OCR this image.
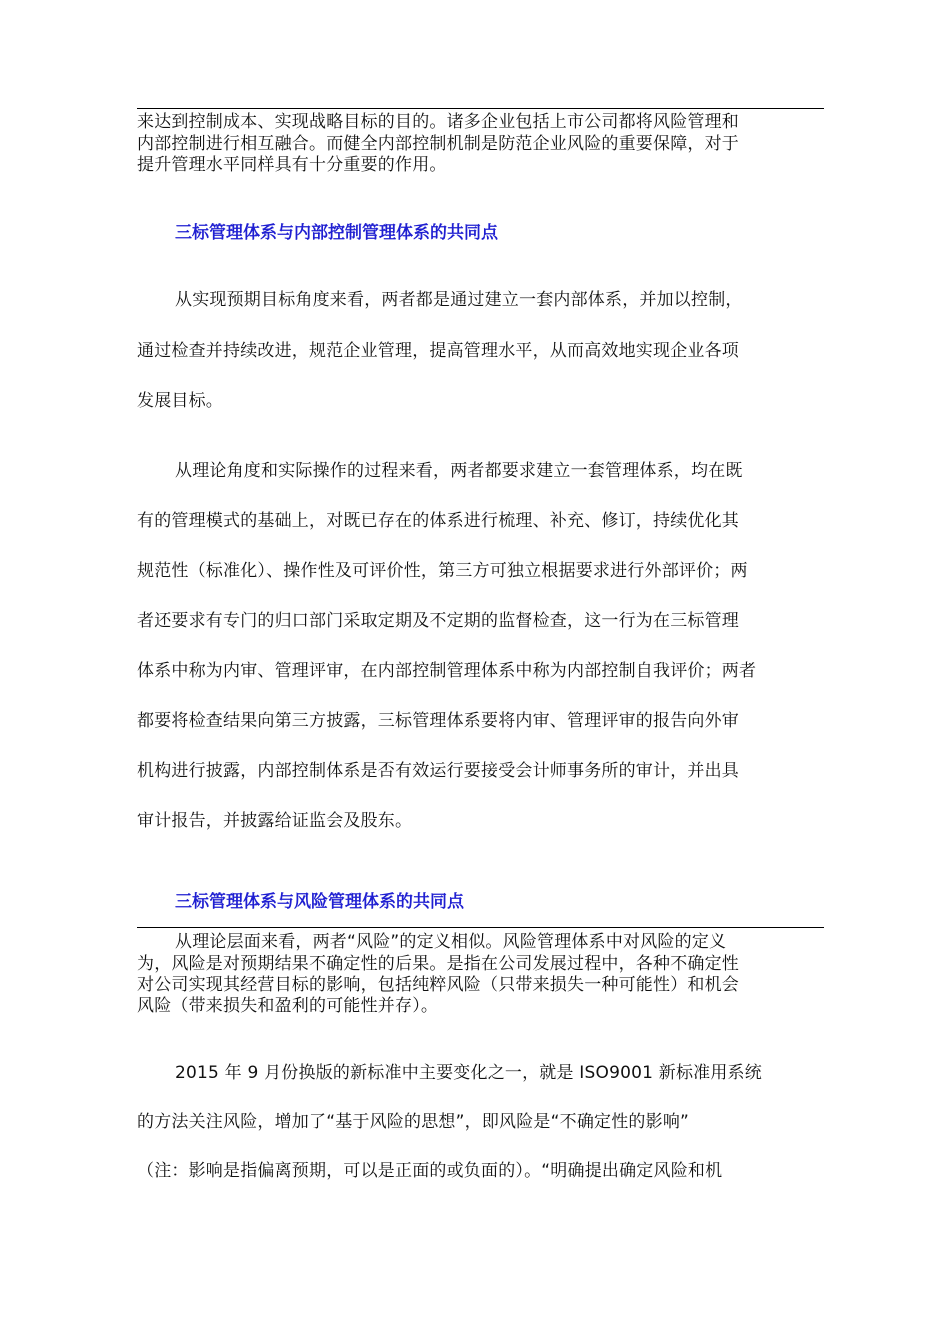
来达到控制成本、实现战略目标的目的。诸多企业包括上市公司都将风险管理和
内部控制进行相互融合。而健全内部控制机制是防范企业风险的重要保障，对于
提升管理水平同样具有十分重要的作用。
三标管理体系与内部控制管理体系的共同点
从实现预期目标角度来看，两者都是通过建立一套内部体系，并加以控制，
通过检查并持续改进，规范企业管理，提高管理水平，从而高效地实现企业各项
发展目标。
从理论角度和实际操作的过程来看，两者都要求建立一套管理体系，均在既
有的管理模式的基础上，对既已存在的体系进行梳理、补充、修订，持续优化其
规范性（标准化）、操作性及可评价性，第三方可独立根据要求进行外部评价；两
者还要求有专门的归口部门采取定期及不定期的监督检查，这一行为在三标管理
体系中称为内审、管理评审，在内部控制管理体系中称为内部控制自我评价；两者
都要将检查结果向第三方披露，三标管理体系要将内审、管理评审的报告向外审
机构进行披露，内部控制体系是否有效运行要接受会计师事务所的审计，并出具
审计报告，并披露给证监会及股东。
三标管理体系与风险管理体系的共同点
从理论层面来看，两者“风险”的定义相似。风险管理体系中对风险的定义
为，风险是对预期结果不确定性的后果。是指在公司发展过程中，各种不确定性
对公司实现其经营目标的影响，包括纯粹风险（只带来损失一种可能性）和机会
风险（带来损失和盈利的可能性并存）。
2015 年 9 月份换版的新标准中主要变化之一，就是 ISO9001 新标准用系统
的方法关注风险，增加了“基于风险的思想”，即风险是“不确定性的影响”
（注：影响是指偏离预期，可以是正面的或负面的）。“明确提出确定风险和机
